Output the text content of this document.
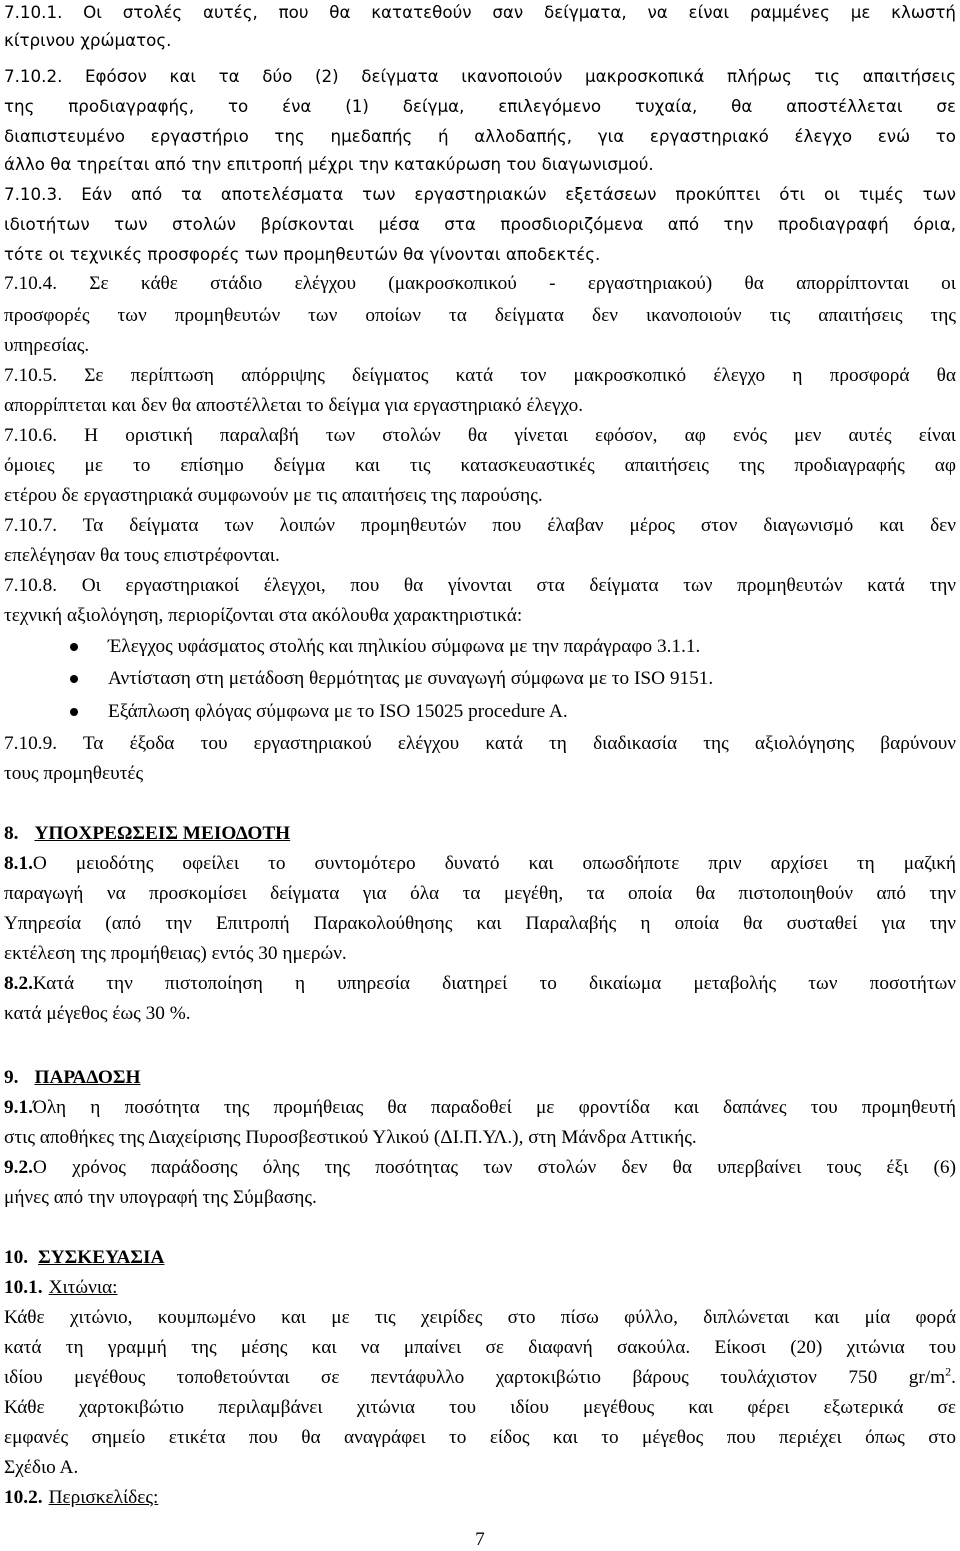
7.10.1. Οι στολές αυτές, που θα κατατεθούν σαν δείγματα, να είναι ραμμένες με κλωστή
κίτρινου χρώματος.
7.10.2. Εφόσον και τα δύο (2) δείγματα ικανοποιούν μακροσκοπικά πλήρως τις απαιτήσεις
της προδιαγραφής, το ένα (1) δείγμα, επιλεγόμενο τυχαία, θα αποστέλλεται σε
διαπιστευμένο εργαστήριο της ημεδαπής ή αλλοδαπής, για εργαστηριακό έλεγχο ενώ το
άλλο θα τηρείται από την επιτροπή μέχρι την κατακύρωση του διαγωνισμού.
7.10.3. Εάν από τα αποτελέσματα των εργαστηριακών εξετάσεων προκύπτει ότι οι τιμές των
ιδιοτήτων των στολών βρίσκονται μέσα στα προσδιοριζόμενα από την προδιαγραφή όρια,
τότε οι τεχνικές προσφορές των προμηθευτών θα γίνονται αποδεκτές.
7.10.4. Σε κάθε στάδιο ελέγχου (μακροσκοπικού - εργαστηριακού) θα απορρίπτονται οι
προσφορές των προμηθευτών των οποίων τα δείγματα δεν ικανοποιούν τις απαιτήσεις της
υπηρεσίας.
7.10.5. Σε περίπτωση απόρριψης δείγματος κατά τον μακροσκοπικό έλεγχο η προσφορά θα
απορρίπτεται και δεν θα αποστέλλεται το δείγμα για εργαστηριακό έλεγχο.
7.10.6. Η οριστική παραλαβή των στολών θα γίνεται εφόσον, αφ ενός μεν αυτές είναι
όμοιες με το επίσημο δείγμα και τις κατασκευαστικές απαιτήσεις της προδιαγραφής αφ
ετέρου δε εργαστηριακά συμφωνούν με τις απαιτήσεις της παρούσης.
7.10.7. Τα δείγματα των λοιπών προμηθευτών που έλαβαν μέρος στον διαγωνισμό και δεν
επελέγησαν θα τους επιστρέφονται.
7.10.8. Οι εργαστηριακοί έλεγχοι, που θα γίνονται στα δείγματα των προμηθευτών κατά την
τεχνική αξιολόγηση, περιορίζονται στα ακόλουθα χαρακτηριστικά:
Έλεγχος υφάσματος στολής και πηλικίου σύμφωνα με την παράγραφο 3.1.1.
Αντίσταση στη μετάδοση θερμότητας με συναγωγή σύμφωνα με το ISO 9151.
Εξάπλωση φλόγας σύμφωνα με το ISO 15025 procedure A.
7.10.9. Τα έξοδα του εργαστηριακού ελέγχου κατά τη διαδικασία της αξιολόγησης βαρύνουν
τους προμηθευτές
8. ΥΠΟΧΡΕΩΣΕΙΣ ΜΕΙΟΔΟΤΗ
8.1.Ο μειοδότης οφείλει το συντομότερο δυνατό και οπωσδήποτε πριν αρχίσει τη μαζική
παραγωγή να προσκομίσει δείγματα για όλα τα μεγέθη, τα οποία θα πιστοποιηθούν από την
Υπηρεσία (από την Επιτροπή Παρακολούθησης και Παραλαβής η οποία θα συσταθεί για την
εκτέλεση της προμήθειας) εντός 30 ημερών.
8.2.Κατά την πιστοποίηση η υπηρεσία διατηρεί το δικαίωμα μεταβολής των ποσοτήτων
κατά μέγεθος έως 30 %.
9. ΠΑΡΑΔΟΣΗ
9.1.Όλη η ποσότητα της προμήθειας θα παραδοθεί με φροντίδα και δαπάνες του προμηθευτή
στις αποθήκες της Διαχείρισης Πυροσβεστικού Υλικού (ΔΙ.Π.ΥΛ.), στη Μάνδρα Αττικής.
9.2.Ο χρόνος παράδοσης όλης της ποσότητας των στολών δεν θα υπερβαίνει τους έξι (6)
μήνες από την υπογραφή της Σύμβασης.
10. ΣΥΣΚΕΥΑΣΙΑ
10.1. Χιτώνια:
Κάθε χιτώνιο, κουμπωμένο και με τις χειρίδες στο πίσω φύλλο, διπλώνεται και μία φορά
κατά τη γραμμή της μέσης και να μπαίνει σε διαφανή σακούλα. Είκοσι (20) χιτώνια του
ιδίου μεγέθους τοποθετούνται σε πεντάφυλλο χαρτοκιβώτιο βάρους τουλάχιστον 750 $gr/m^2$.
Κάθε χαρτοκιβώτιο περιλαμβάνει χιτώνια του ιδίου μεγέθους και φέρει εξωτερικά σε
εμφανές σημείο ετικέτα που θα αναγράφει το είδος και το μέγεθος που περιέχει όπως στο
Σχέδιο Α.
10.2. Περισκελίδες:
7
